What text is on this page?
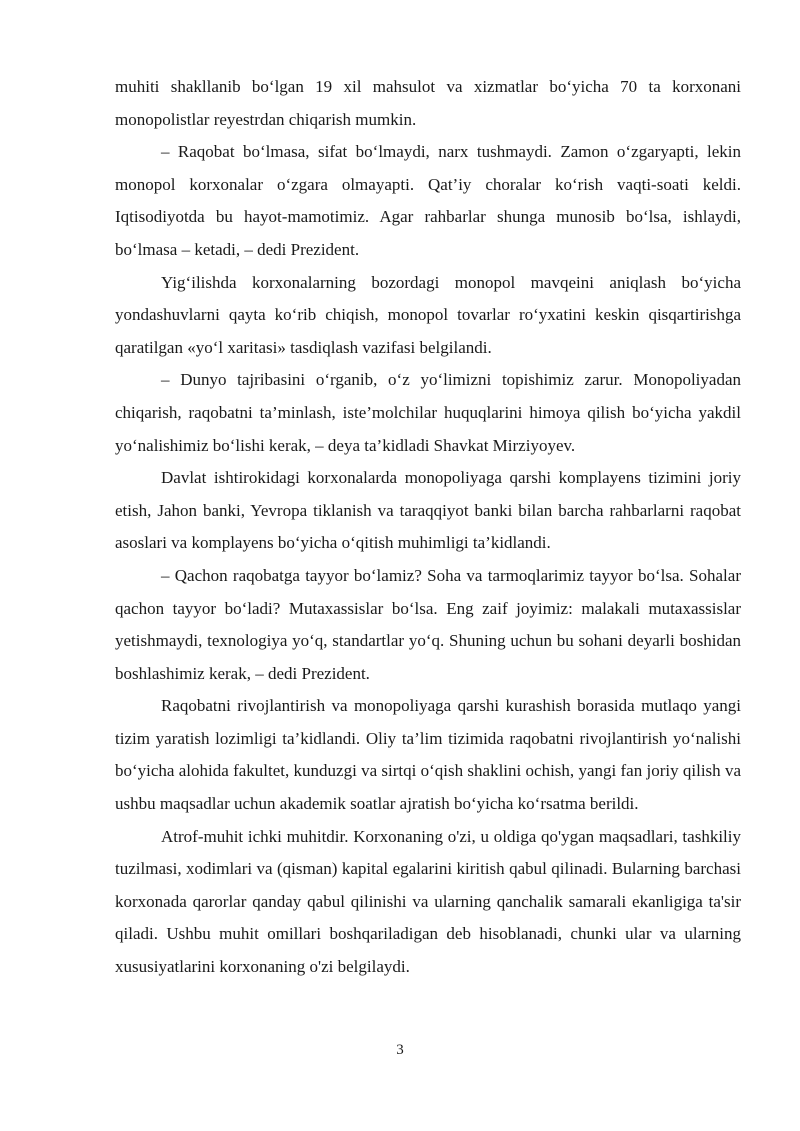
muhiti shakllanib bo‘lgan 19 xil mahsulot va xizmatlar bo‘yicha 70 ta korxonani monopolistlar reyestrdan chiqarish mumkin.

– Raqobat bo‘lmasa, sifat bo‘lmaydi, narx tushmaydi. Zamon o‘zgaryapti, lekin monopol korxonalar o‘zgara olmayapti. Qat’iy choralar ko‘rish vaqti-soati keldi. Iqtisodiyotda bu hayot-mamotimiz. Agar rahbarlar shunga munosib bo‘lsa, ishlaydi, bo‘lmasa – ketadi, – dedi Prezident.

Yig‘ilishda korxonalarning bozordagi monopol mavqeini aniqlash bo‘yicha yondashuvlarni qayta ko‘rib chiqish, monopol tovarlar ro‘yxatini keskin qisqartirishga qaratilgan «yo‘l xaritasi» tasdiqlash vazifasi belgilandi.

– Dunyo tajribasini o‘rganib, o‘z yo‘limizni topishimiz zarur. Monopoliyadan chiqarish, raqobatni ta’minlash, iste’molchilar huquqlarini himoya qilish bo‘yicha yakdil yo‘nalishimiz bo‘lishi kerak, – deya ta’kidladi Shavkat Mirziyoyev.

Davlat ishtirokidagi korxonalarda monopoliyaga qarshi komplayens tizimini joriy etish, Jahon banki, Yevropa tiklanish va taraqqiyot banki bilan barcha rahbarlarni raqobat asoslari va komplayens bo‘yicha o‘qitish muhimligi ta’kidlandi.

– Qachon raqobatga tayyor bo‘lamiz? Soha va tarmoqlarimiz tayyor bo‘lsa. Sohalar qachon tayyor bo‘ladi? Mutaxassislar bo‘lsa. Eng zaif joyimiz: malakali mutaxassislar yetishmaydi, texnologiya yo‘q, standartlar yo‘q. Shuning uchun bu sohani deyarli boshidan boshlashimiz kerak, – dedi Prezident.

Raqobatni rivojlantirish va monopoliyaga qarshi kurashish borasida mutlaqo yangi tizim yaratish lozimligi ta’kidlandi. Oliy ta’lim tizimida raqobatni rivojlantirish yo‘nalishi bo‘yicha alohida fakultet, kunduzgi va sirtqi o‘qish shaklini ochish, yangi fan joriy qilish va ushbu maqsadlar uchun akademik soatlar ajratish bo‘yicha ko‘rsatma berildi.

Atrof-muhit ichki muhitdir. Korxonaning o'zi, u oldiga qo'ygan maqsadlari, tashkiliy tuzilmasi, xodimlari va (qisman) kapital egalarini kiritish qabul qilinadi. Bularning barchasi korxonada qarorlar qanday qabul qilinishi va ularning qanchalik samarali ekanligiga ta'sir qiladi. Ushbu muhit omillari boshqariladigan deb hisoblanadi, chunki ular va ularning xususiyatlarini korxonaning o'zi belgilaydi.

3
